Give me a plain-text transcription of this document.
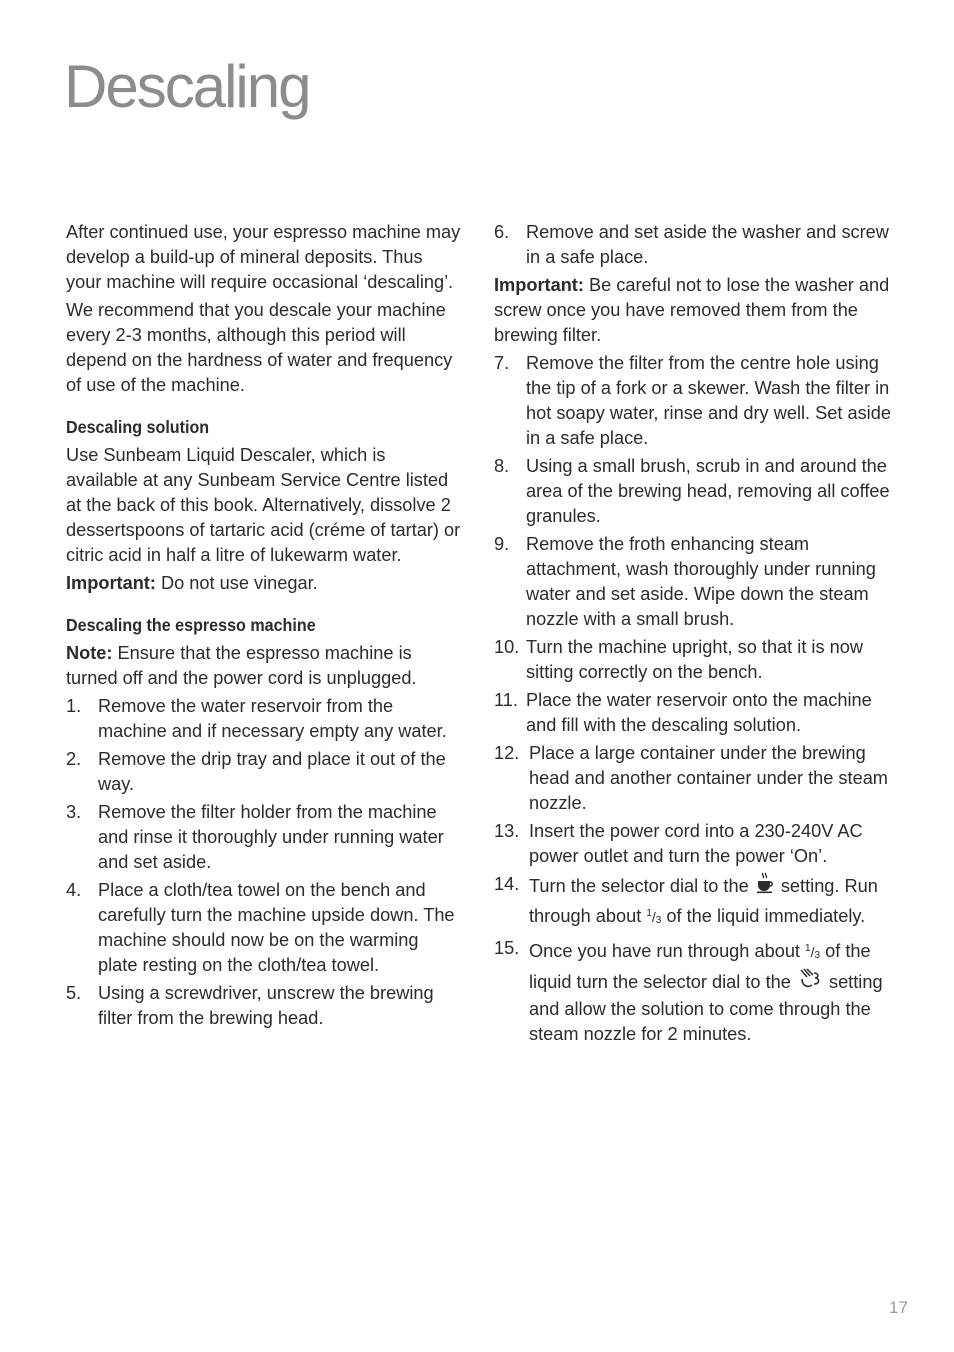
Descaling

After continued use, your espresso machine may develop a build-up of mineral deposits. Thus your machine will require occasional ‘descaling’.

We recommend that you descale your machine every 2-3 months, although this period will depend on the hardness of water and frequency of use of the machine.

Descaling solution

Use Sunbeam Liquid Descaler, which is available at any Sunbeam Service Centre listed at the back of this book. Alternatively, dissolve 2 dessertspoons of tartaric acid (créme of tartar) or citric acid in half a litre of lukewarm water.

Important: Do not use vinegar.

Descaling the espresso machine

Note: Ensure that the espresso machine is turned off and the power cord is unplugged.

1. Remove the water reservoir from the machine and if necessary empty any water.
2. Remove the drip tray and place it out of the way.
3. Remove the filter holder from the machine and rinse it thoroughly under running water and set aside.
4. Place a cloth/tea towel on the bench and carefully turn the machine upside down. The machine should now be on the warming plate resting on the cloth/tea towel.
5. Using a screwdriver, unscrew the brewing filter from the brewing head.
6. Remove and set aside the washer and screw in a safe place.

Important: Be careful not to lose the washer and screw once you have removed them from the brewing filter.

7. Remove the filter from the centre hole using the tip of a fork or a skewer. Wash the filter in hot soapy water, rinse and dry well. Set aside in a safe place.
8. Using a small brush, scrub in and around the area of the brewing head, removing all coffee granules.
9. Remove the froth enhancing steam attachment, wash thoroughly under running water and set aside. Wipe down the steam nozzle with a small brush.
10. Turn the machine upright, so that it is now sitting correctly on the bench.
11. Place the water reservoir onto the machine and fill with the descaling solution.
12. Place a large container under the brewing head and another container under the steam nozzle.
13. Insert the power cord into a 230-240V AC power outlet and turn the power ‘On’.
14. Turn the selector dial to the  setting. Run through about $^1$/3 of the liquid immediately.
15. Once you have run through about $^1$/3 of the liquid turn the selector dial to the  setting and allow the solution to come through the steam nozzle for 2 minutes.
17
